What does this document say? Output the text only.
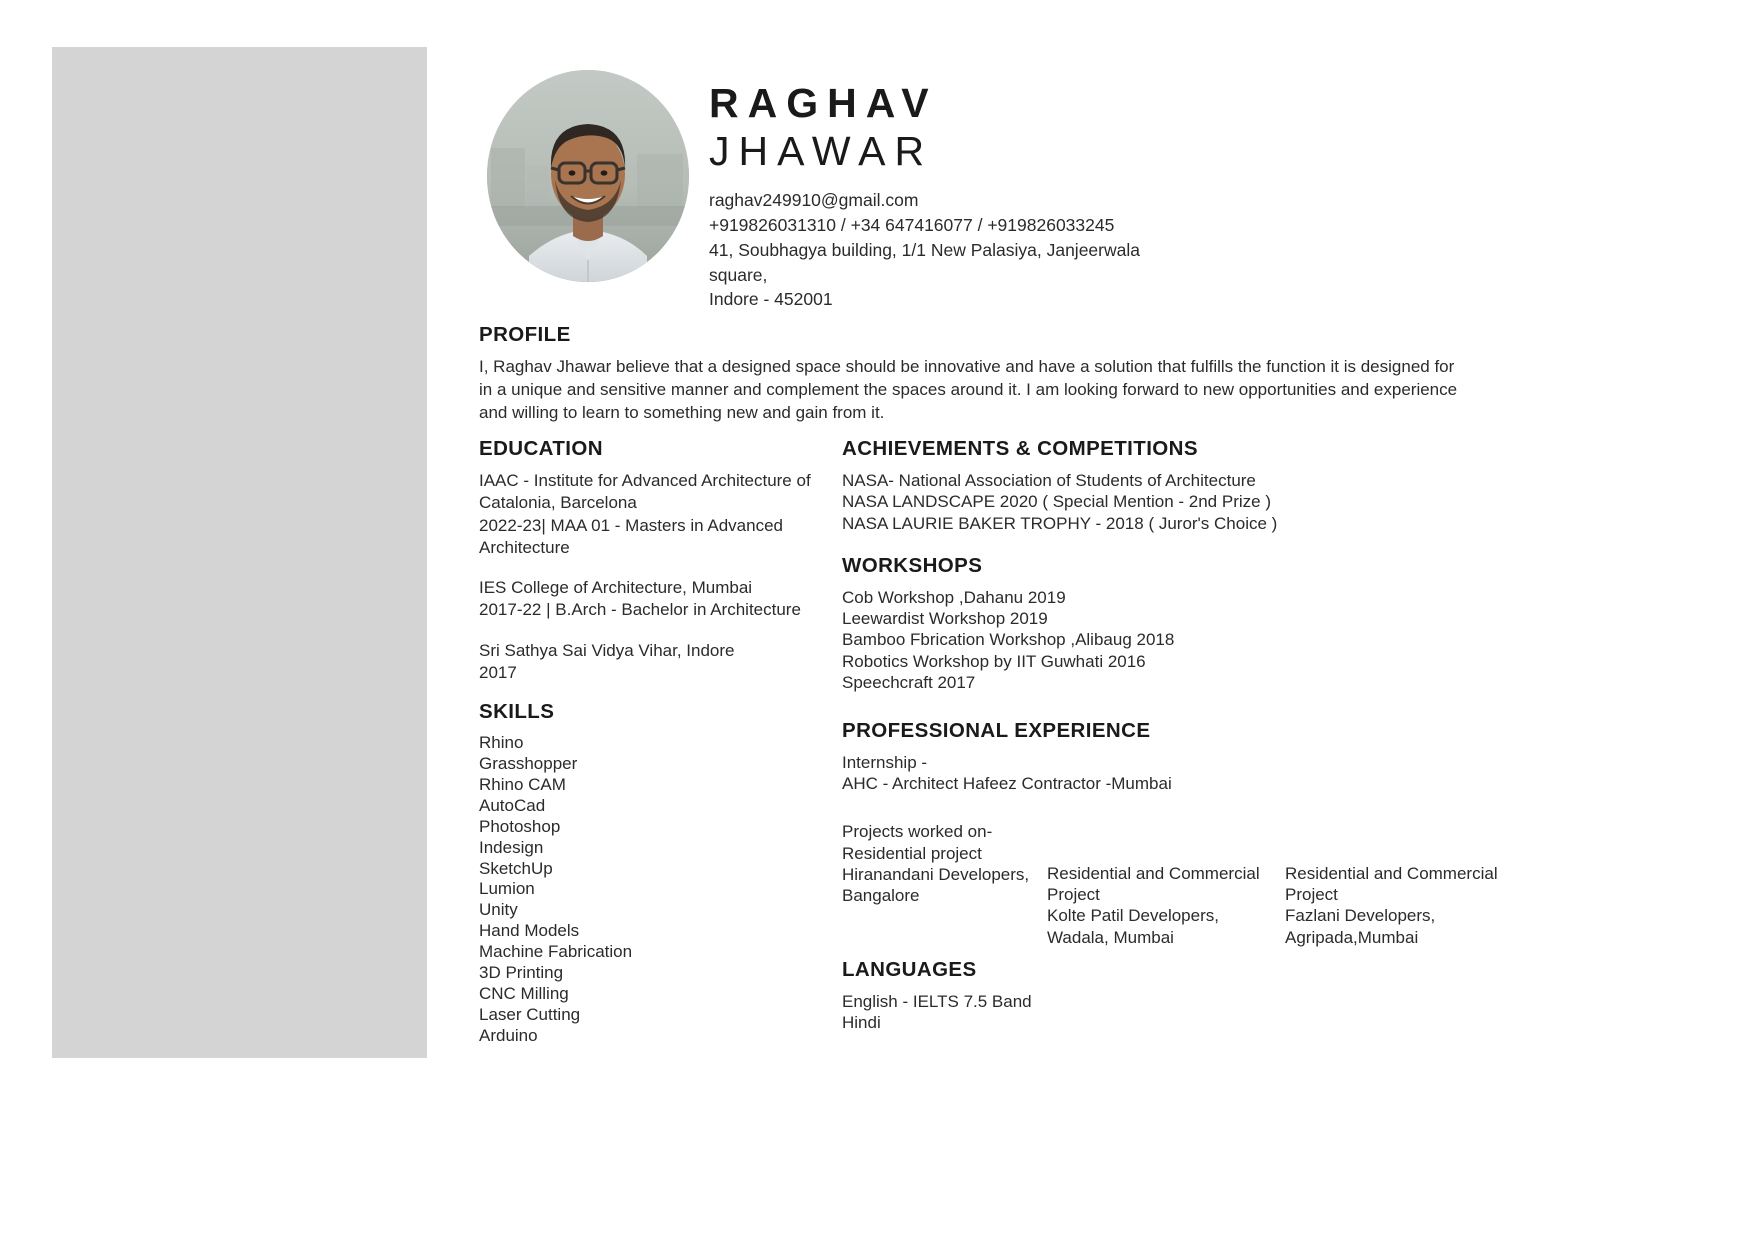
RAGHAV
JHAWAR
raghav249910@gmail.com
+919826031310 / +34 647416077 / +919826033245
41, Soubhagya building, 1/1 New Palasiya, Janjeerwala
square,
Indore - 452001
PROFILE

I, Raghav Jhawar believe that a designed space should be innovative and have a solution that fulfills the function it is designed for

in a unique and sensitive manner and complement the spaces around it. I am looking forward to new opportunities and experience

and willing to learn to something new and gain from it.

EDUCATION
IAAC - Institute for Advanced Architecture of
Catalonia, Barcelona
2022-23| MAA 01 - Masters in Advanced
Architecture
IES College of Architecture, Mumbai
2017-22 | B.Arch - Bachelor in Architecture
Sri Sathya Sai Vidya Vihar, Indore
2017
SKILLS
Rhino
Grasshopper
Rhino CAM
AutoCad
Photoshop
Indesign
SketchUp
Lumion
Unity
Hand Models
Machine Fabrication
3D Printing
CNC Milling
Laser Cutting
Arduino
ACHIEVEMENTS & COMPETITIONS
NASA- National Association of Students of Architecture
NASA LANDSCAPE 2020 ( Special Mention - 2nd Prize )
NASA LAURIE BAKER TROPHY - 2018 ( Juror's Choice )
WORKSHOPS
Cob Workshop ,Dahanu 2019
Leewardist Workshop 2019
Bamboo Fbrication Workshop ,Alibaug 2018
Robotics Workshop by IIT Guwhati 2016
Speechcraft 2017
PROFESSIONAL EXPERIENCE
Internship -
AHC - Architect Hafeez Contractor -Mumbai
Projects worked on-
Residential project
Hiranandani Developers,
Bangalore
Residential and Commercial
Project
Kolte Patil Developers,
Wadala, Mumbai
Residential and Commercial
Project
Fazlani Developers,
Agripada,Mumbai
LANGUAGES
English - IELTS 7.5 Band
Hindi
